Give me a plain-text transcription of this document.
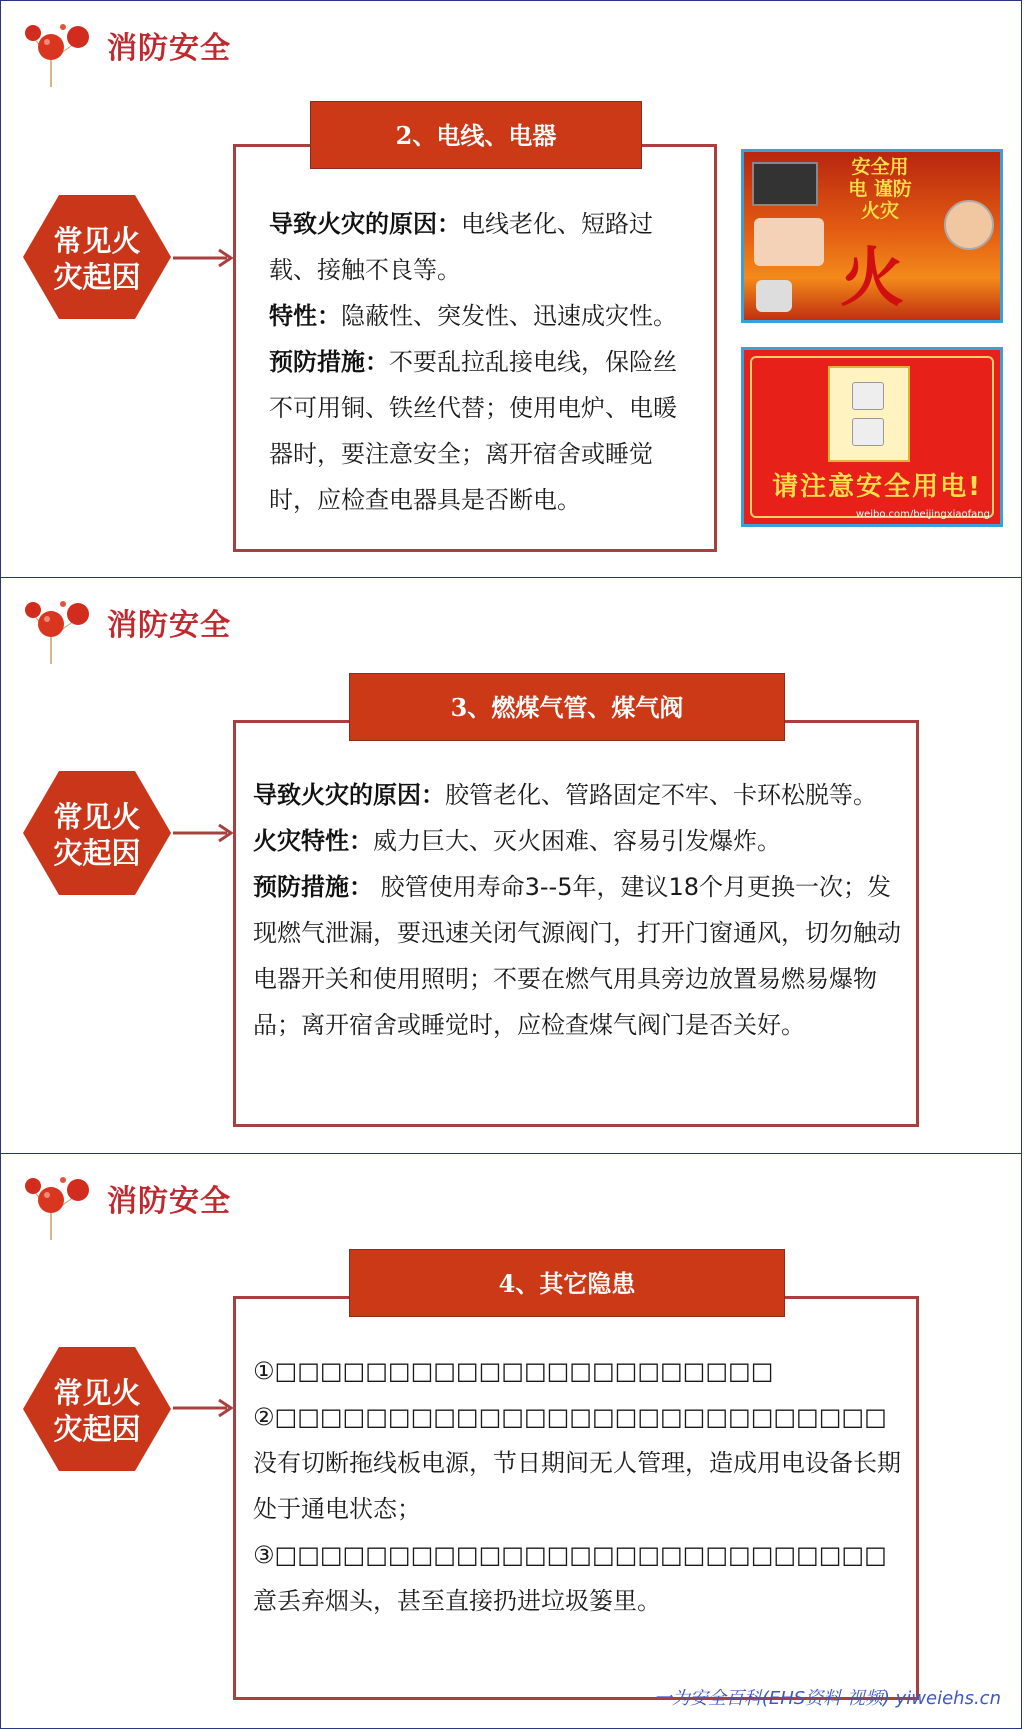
消防安全
常见火
灾起因
2、电线、电器

导致火灾的原因：电线老化、短路过载、接触不良等。

特性：隐蔽性、突发性、迅速成灾性。

预防措施：不要乱拉乱接电线，保险丝不可用铜、铁丝代替；使用电炉、电暖器时，要注意安全；离开宿舍或睡觉时，应检查电器具是否断电。

安全用电 谨防火灾
火
请注意安全用电!
weibo.com/beijingxiaofang
消防安全
常见火
灾起因
3、燃煤气管、煤气阀

导致火灾的原因：胶管老化、管路固定不牢、卡环松脱等。

火灾特性：威力巨大、灭火困难、容易引发爆炸。

预防措施： 胶管使用寿命3--5年，建议18个月更换一次；发现燃气泄漏，要迅速关闭气源阀门，打开门窗通风，切勿触动电器开关和使用照明；不要在燃气用具旁边放置易燃易爆物品；离开宿舍或睡觉时，应检查煤气阀门是否关好。

消防安全
常见火
灾起因
4、其它隐患

①□□□□□□□□□□□□□□□□□□□□□□

②□□□□□□□□□□□□□□□□□□□□□□□□□□□

没有切断拖线板电源，节日期间无人管理，造成用电设备长期处于通电状态；

③□□□□□□□□□□□□□□□□□□□□□□□□□□□

意丢弃烟头，甚至直接扔进垃圾篓里。

一为安全百科(EHS资料 视频) yiweiehs.cn
